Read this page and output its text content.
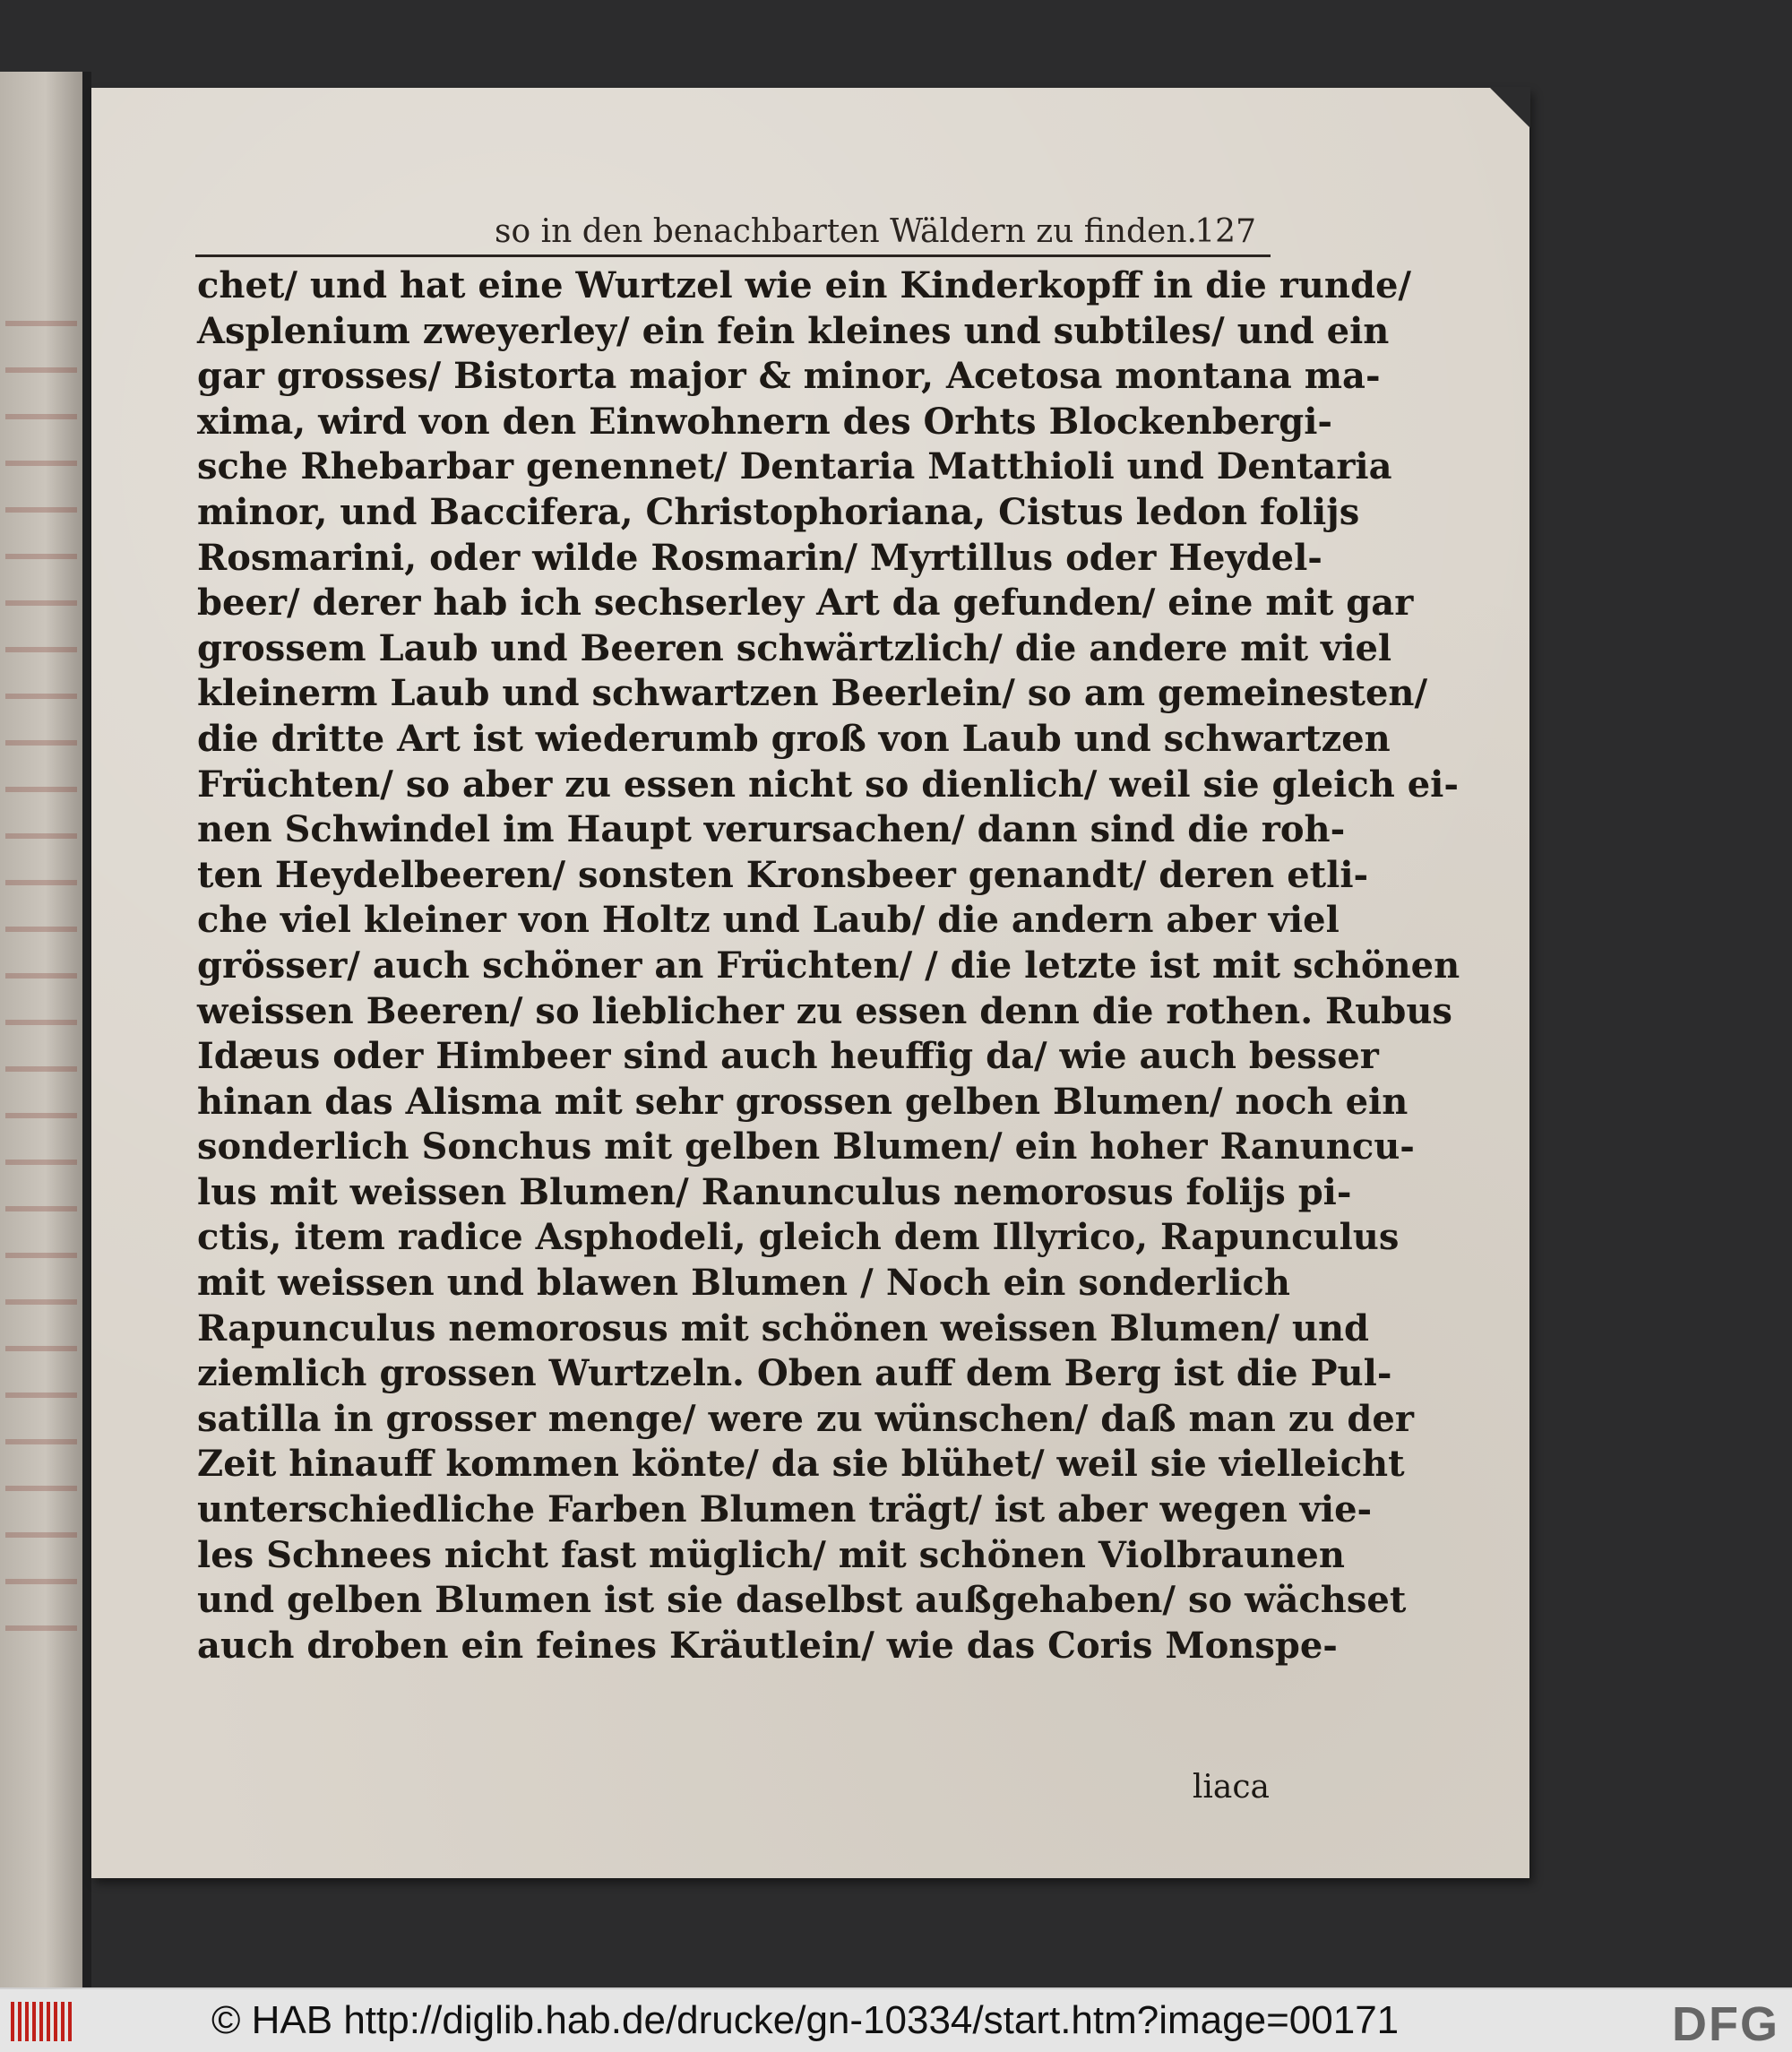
so in den benachbarten Wäldern zu finden.
127
chet/ und hat eine Wurtzel wie ein Kinderkopff in die runde/
Asplenium zweyerley/ ein fein kleines und subtiles/ und ein
gar grosses/ Bistorta major & minor, Acetosa montana ma-
xima, wird von den Einwohnern des Orhts Blockenbergi-
sche Rhebarbar genennet/ Dentaria Matthioli und Dentaria
minor, und Baccifera, Christophoriana, Cistus ledon folijs
Rosmarini, oder wilde Rosmarin/ Myrtillus oder Heydel-
beer/ derer hab ich sechserley Art da gefunden/ eine mit gar
grossem Laub und Beeren schwärtzlich/ die andere mit viel
kleinerm Laub und schwartzen Beerlein/ so am gemeinesten/
die dritte Art ist wiederumb groß von Laub und schwartzen
Früchten/ so aber zu essen nicht so dienlich/ weil sie gleich ei-
nen Schwindel im Haupt verursachen/ dann sind die roh-
ten Heydelbeeren/ sonsten Kronsbeer genandt/ deren etli-
che viel kleiner von Holtz und Laub/ die andern aber viel
grösser/ auch schöner an Früchten/ / die letzte ist mit schönen
weissen Beeren/ so lieblicher zu essen denn die rothen. Rubus
Idæus oder Himbeer sind auch heuffig da/ wie auch besser
hinan das Alisma mit sehr grossen gelben Blumen/ noch ein
sonderlich Sonchus mit gelben Blumen/ ein hoher Ranuncu-
lus mit weissen Blumen/ Ranunculus nemorosus folijs pi-
ctis, item radice Asphodeli, gleich dem Illyrico, Rapunculus
mit weissen und blawen Blumen / Noch ein sonderlich
Rapunculus nemorosus mit schönen weissen Blumen/ und
ziemlich grossen Wurtzeln. Oben auff dem Berg ist die Pul-
satilla in grosser menge/ were zu wünschen/ daß man zu der
Zeit hinauff kommen könte/ da sie blühet/ weil sie vielleicht
unterschiedliche Farben Blumen trägt/ ist aber wegen vie-
les Schnees nicht fast müglich/ mit schönen Violbraunen
und gelben Blumen ist sie daselbst außgehaben/ so wächset
auch droben ein feines Kräutlein/ wie das Coris Monspe-
liaca
© HAB http://diglib.hab.de/drucke/gn-10334/start.htm?image=00171	DFG
